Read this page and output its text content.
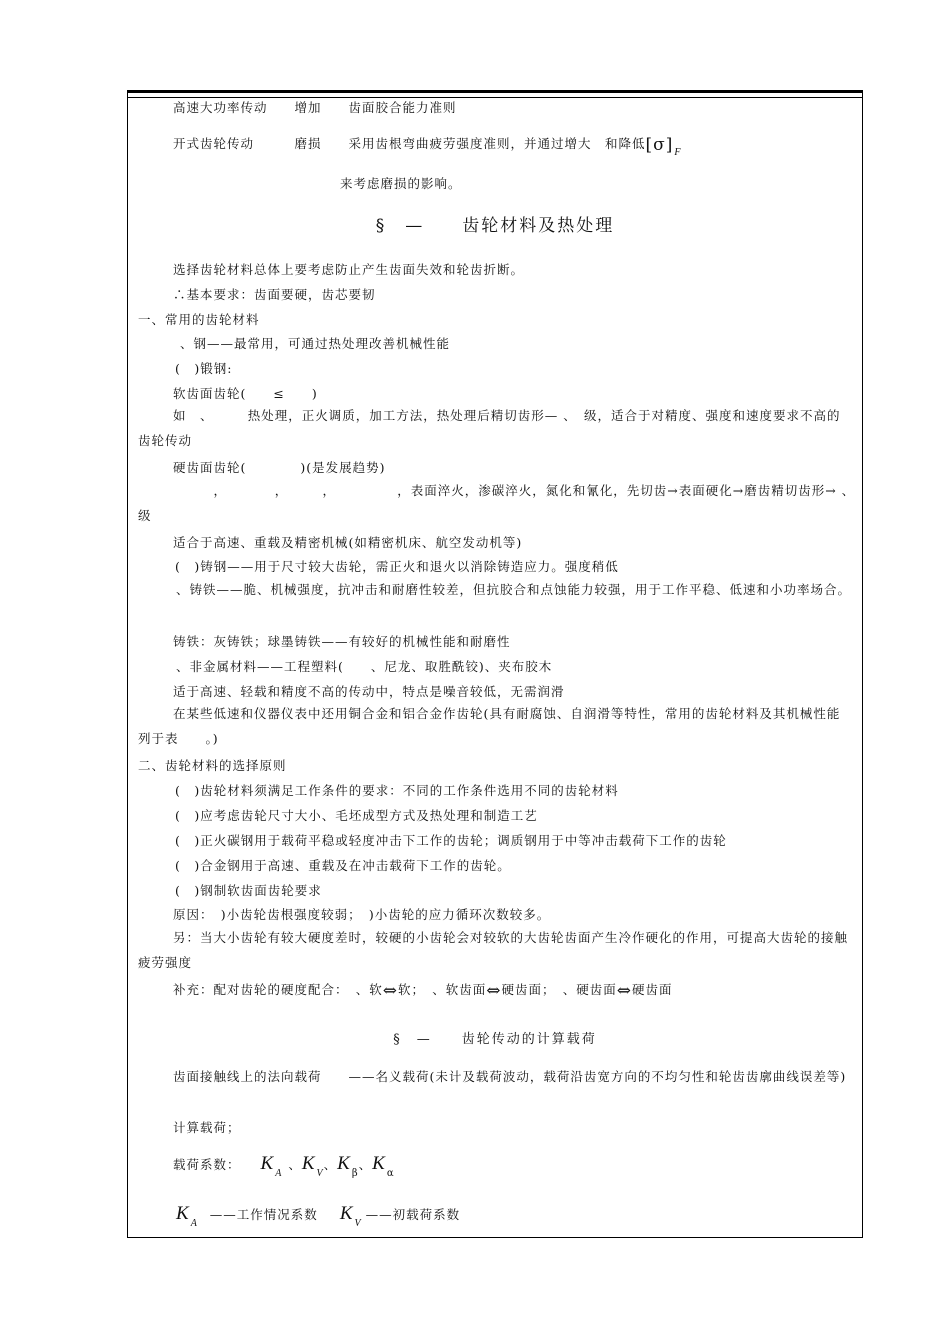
高速大功率传动　　增加　　齿面胶合能力准则
开式齿轮传动　　　磨损　　采用齿根弯曲疲劳强度准则，并通过增大　和降低$[\sigma]_F$
来考虑磨损的影响。
§　—　　齿轮材料及热处理
选择齿轮材料总体上要考虑防止产生齿面失效和轮齿折断。
∴基本要求：齿面要硬，齿芯要韧
一、常用的齿轮材料
、钢——最常用，可通过热处理改善机械性能
(　)锻钢:
软齿面齿轮(　　≤　　)
如　、　　　热处理，正火调质，加工方法，热处理后精切齿形— 、　级，适合于对精度、强度和速度要求不高的齿轮传动
硬齿面齿轮(　　　　)(是发展趋势)
　　　，　　　　，　　　，　　　　　，表面淬火，渗碳淬火，氮化和氰化，先切齿→表面硬化→磨齿精切齿形→ 、　级
适合于高速、重载及精密机械(如精密机床、航空发动机等)
(　)铸钢——用于尺寸较大齿轮，需正火和退火以消除铸造应力。强度稍低
、铸铁——脆、机械强度，抗冲击和耐磨性较差，但抗胶合和点蚀能力较强，用于工作平稳、低速和小功率场合。
铸铁：灰铸铁；球墨铸铁——有较好的机械性能和耐磨性
、非金属材料——工程塑料(　　、尼龙、取胜酰铰)、夹布胶木
适于高速、轻载和精度不高的传动中，特点是噪音较低，无需润滑
在某些低速和仪器仪表中还用铜合金和铝合金作齿轮(具有耐腐蚀、自润滑等特性，常用的齿轮材料及其机械性能列于表　　。)
二、齿轮材料的选择原则
(　)齿轮材料须满足工作条件的要求：不同的工作条件选用不同的齿轮材料
(　)应考虑齿轮尺寸大小、毛坯成型方式及热处理和制造工艺
(　)正火碳钢用于载荷平稳或轻度冲击下工作的齿轮；调质钢用于中等冲击载荷下工作的齿轮
(　)合金钢用于高速、重载及在冲击载荷下工作的齿轮。
(　)钢制软齿面齿轮要求
原因：　)小齿轮齿根强度较弱；　)小齿轮的应力循环次数较多。
另：当大小齿轮有较大硬度差时，较硬的小齿轮会对较软的大齿轮齿面产生冷作硬化的作用，可提高大齿轮的接触疲劳强度
补充：配对齿轮的硬度配合：　、软⇔软；　、软齿面⇔硬齿面；　、硬齿面⇔硬齿面
§　—　　齿轮传动的计算载荷
齿面接触线上的法向载荷　　——名义载荷(未计及载荷波动，载荷沿齿宽方向的不均匀性和轮齿齿廓曲线误差等)
计算载荷；
载荷系数： $K_A$、$K_V$、$K_\beta$、$K_\alpha$
$K_A——$工作情况系数 $K_V——$初载荷系数
